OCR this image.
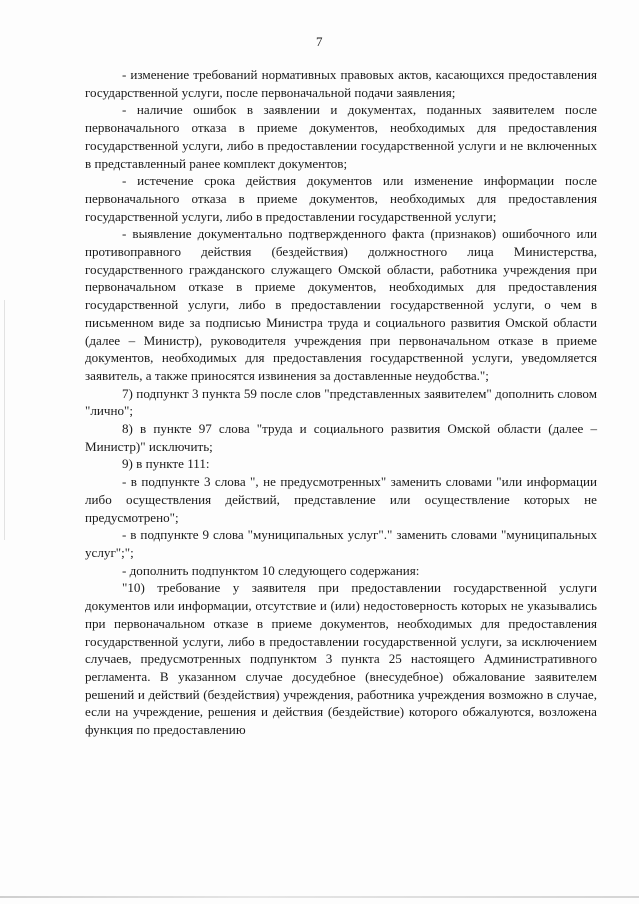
7

- изменение требований нормативных правовых актов, касающихся предоставления государственной услуги, после первоначальной подачи заявления;

- наличие ошибок в заявлении и документах, поданных заявителем после первоначального отказа в приеме документов, необходимых для предоставления государственной услуги, либо в предоставлении государственной услуги и не включенных в представленный ранее комплект документов;

- истечение срока действия документов или изменение информации после первоначального отказа в приеме документов, необходимых для предоставления государственной услуги, либо в предоставлении государственной услуги;

- выявление документально подтвержденного факта (признаков) ошибочного или противоправного действия (бездействия) должностного лица Министерства, государственного гражданского служащего Омской области, работника учреждения при первоначальном отказе в приеме документов, необходимых для предоставления государственной услуги, либо в предоставлении государственной услуги, о чем в письменном виде за подписью Министра труда и социального развития Омской области (далее – Министр), руководителя учреждения при первоначальном отказе в приеме документов, необходимых для предоставления государственной услуги, уведомляется заявитель, а также приносятся извинения за доставленные неудобства.";

7) подпункт 3 пункта 59 после слов "представленных заявителем" дополнить словом "лично";

8) в пункте 97 слова "труда и социального развития Омской области (далее – Министр)" исключить;

9) в пункте 111:

- в подпункте 3 слова ", не предусмотренных" заменить словами "или информации либо осуществления действий, представление или осуществление которых не предусмотрено";

- в подпункте 9 слова "муниципальных услуг"." заменить словами "муниципальных услуг";";

- дополнить подпунктом 10 следующего содержания:

"10) требование у заявителя при предоставлении государственной услуги документов или информации, отсутствие и (или) недостоверность которых не указывались при первоначальном отказе в приеме документов, необходимых для предоставления государственной услуги, либо в предоставлении государственной услуги, за исключением случаев, предусмотренных подпунктом 3 пункта 25 настоящего Административного регламента. В указанном случае досудебное (внесудебное) обжалование заявителем решений и действий (бездействия) учреждения, работника учреждения возможно в случае, если на учреждение, решения и действия (бездействие) которого обжалуются, возложена функция по предоставлению
